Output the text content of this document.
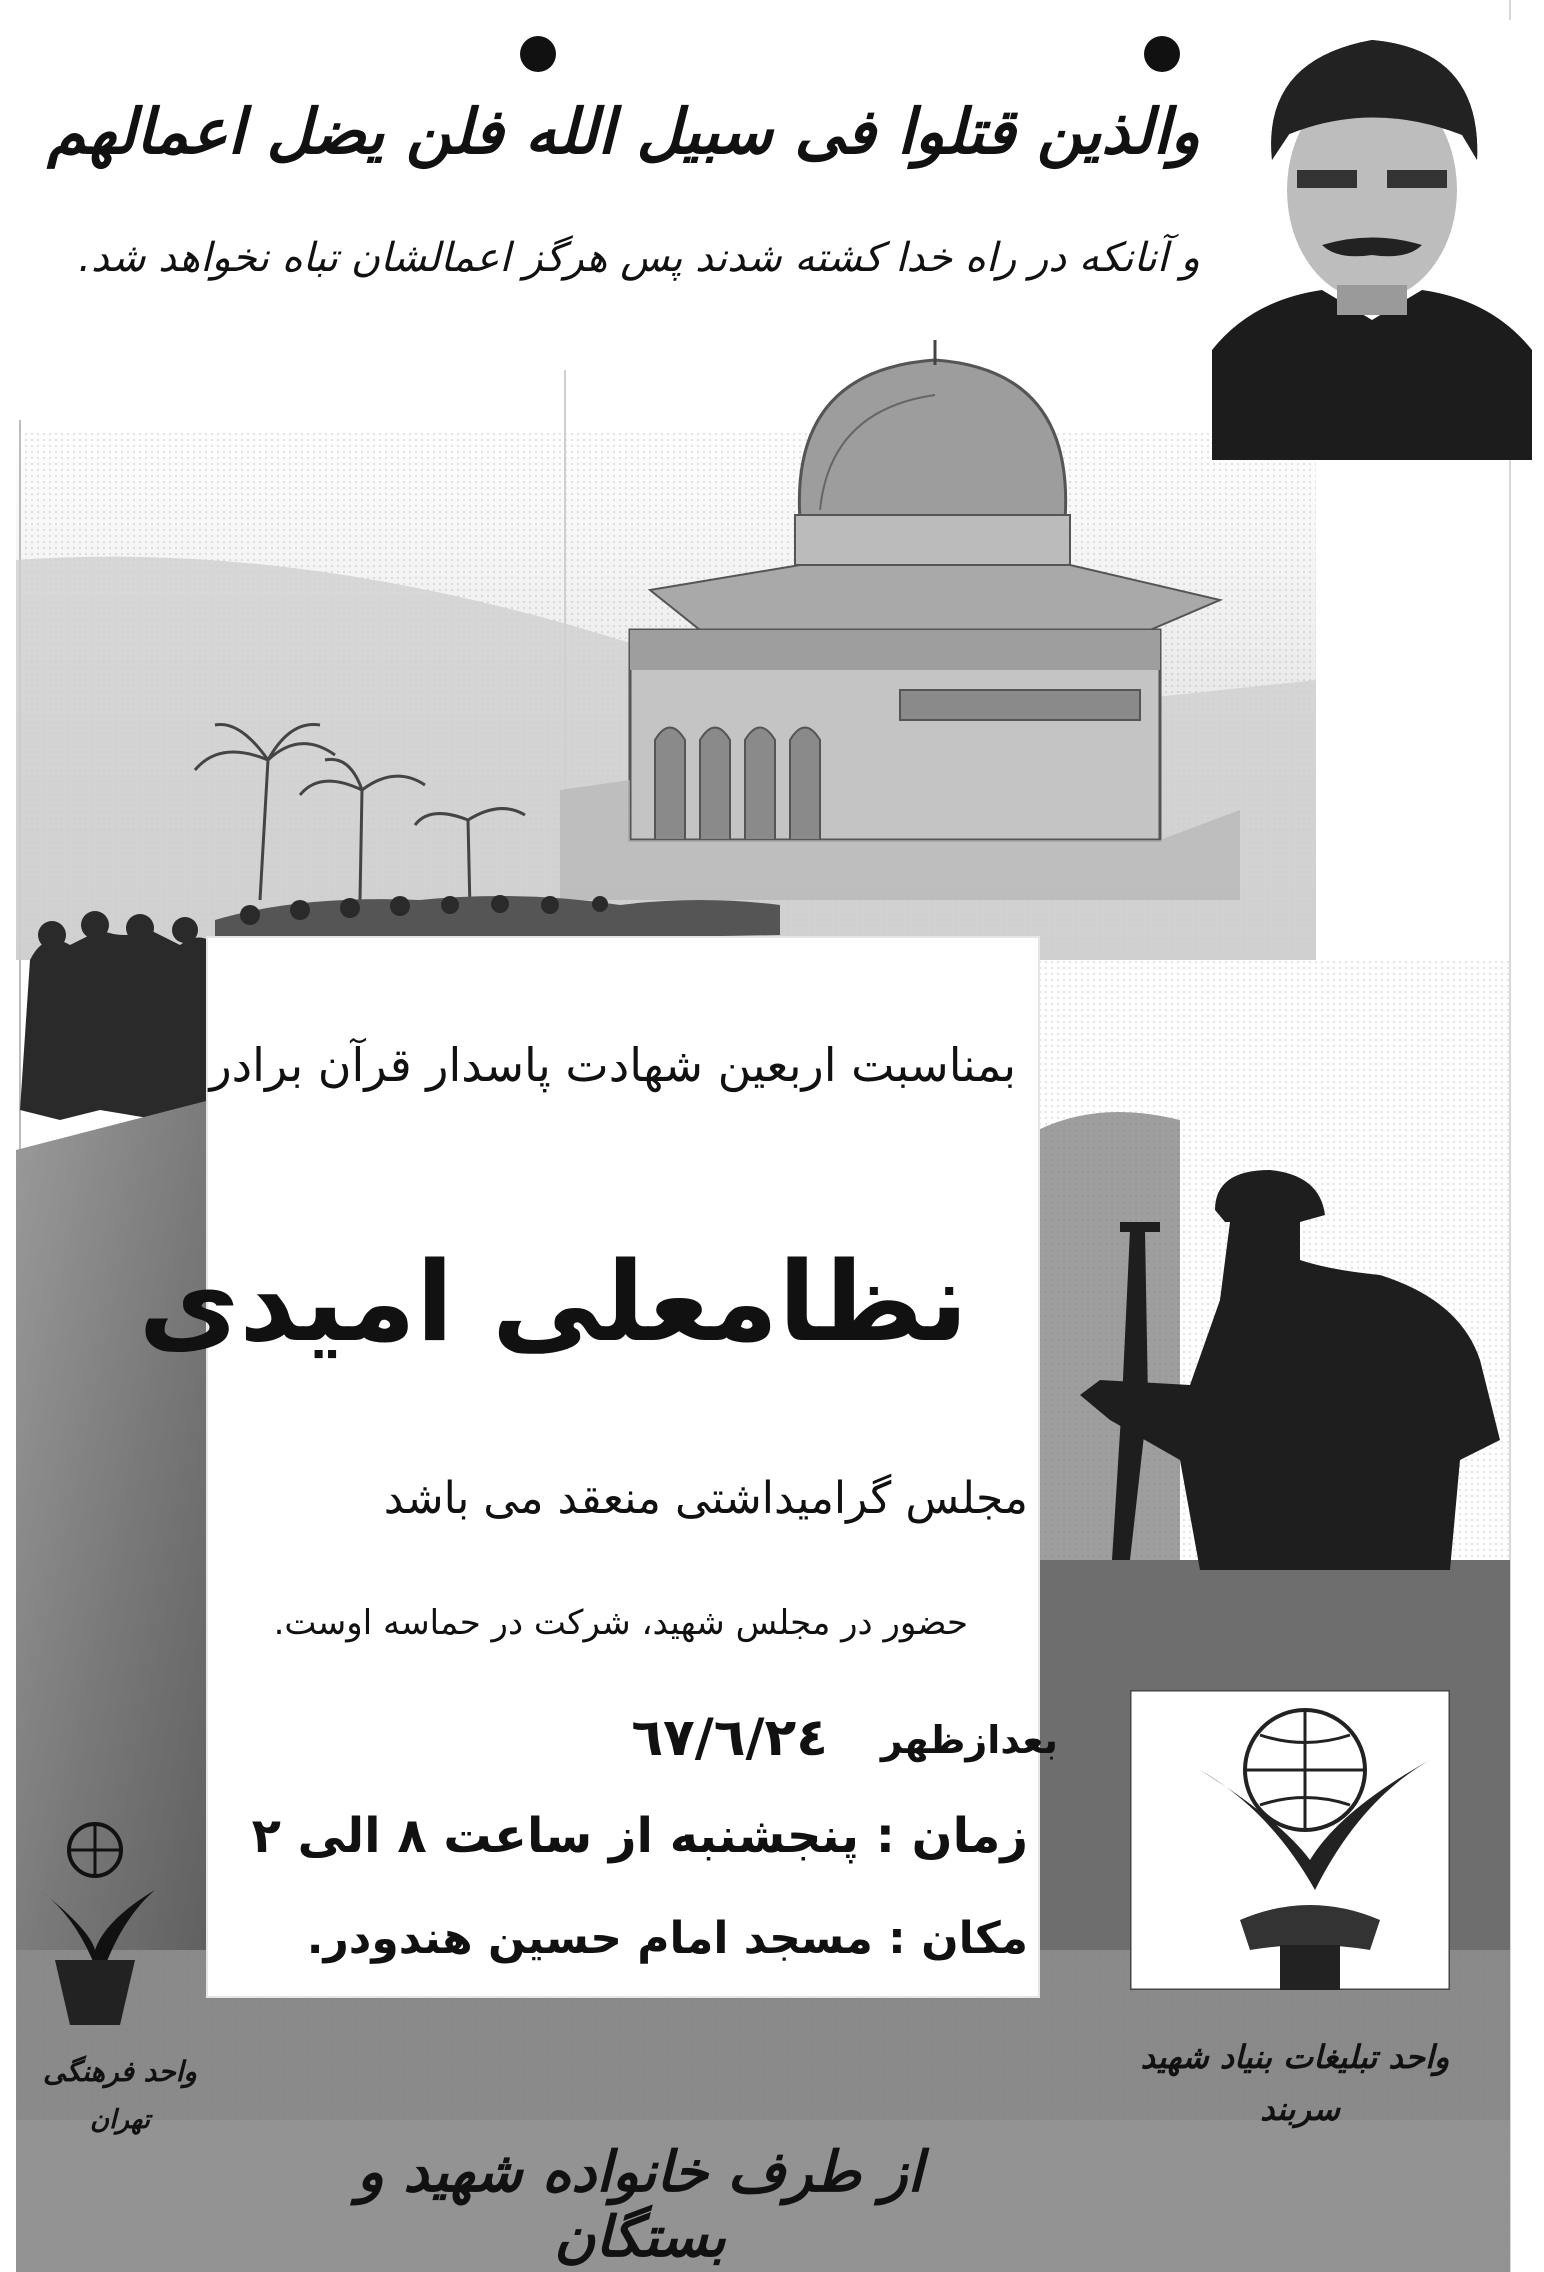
والذین قتلوا فی سبیل الله فلن یضل اعمالهم
و آنانکه در راه خدا کشته شدند پس هرگز اعمالشان تباه نخواهد شد.
بمناسبت اربعین شهادت پاسدار قرآن برادر
نظامعلی امیدی
مجلس گرامیداشتی منعقد می باشد
حضور در مجلس شهید، شرکت در حماسه اوست.
بعدازظهر
٦٧/٦/٢٤
زمان : پنجشنبه از ساعت ٨ الی ٢
مکان : مسجد امام حسین هندودر.
واحد تبلیغات بنیاد شهید
سربند
واحد فرهنگی
تهران
از طرف خانواده شهید و بستگان
